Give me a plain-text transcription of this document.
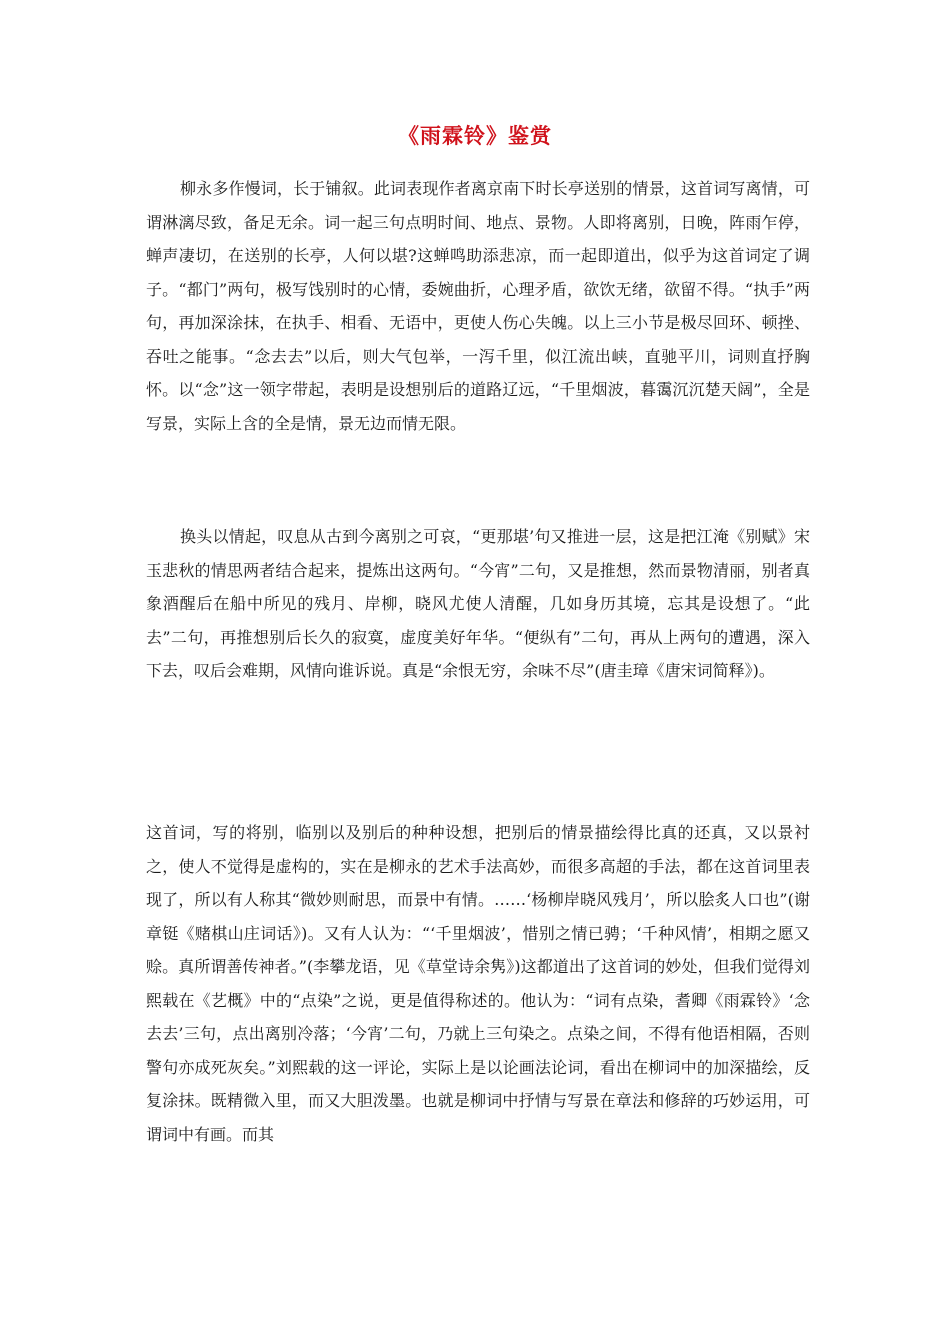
《雨霖铃》鉴赏

柳永多作慢词，长于铺叙。此词表现作者离京南下时长亭送别的情景，这首词写离情，可谓淋漓尽致，备足无余。词一起三句点明时间、地点、景物。人即将离别，日晚，阵雨乍停，蝉声凄切，在送别的长亭，人何以堪?这蝉鸣助添悲凉，而一起即道出，似乎为这首词定了调子。“都门”两句，极写饯别时的心情，委婉曲折，心理矛盾，欲饮无绪，欲留不得。“执手”两句，再加深涂抹，在执手、相看、无语中，更使人伤心失魄。以上三小节是极尽回环、顿挫、吞吐之能事。“念去去”以后，则大气包举，一泻千里，似江流出峡，直驰平川，词则直抒胸怀。以“念”这一领字带起，表明是设想别后的道路辽远，“千里烟波，暮霭沉沉楚天阔”，全是写景，实际上含的全是情，景无边而情无限。

换头以情起，叹息从古到今离别之可哀，“更那堪’句又推进一层，这是把江淹《别赋》宋玉悲秋的情思两者结合起来，提炼出这两句。“今宵”二句，又是推想，然而景物清丽，别者真象酒醒后在船中所见的残月、岸柳，晓风尤使人清醒，几如身历其境，忘其是设想了。“此去”二句，再推想别后长久的寂寞，虚度美好年华。“便纵有”二句，再从上两句的遭遇，深入下去，叹后会难期，风情向谁诉说。真是“余恨无穷，余味不尽”(唐圭璋《唐宋词简释》)。

这首词，写的将别，临别以及别后的种种设想，把别后的情景描绘得比真的还真，又以景衬之，使人不觉得是虚构的，实在是柳永的艺术手法高妙，而很多高超的手法，都在这首词里表现了，所以有人称其“微妙则耐思，而景中有情。……‘杨柳岸晓风残月’，所以脍炙人口也”(谢章铤《赌棋山庄词话》)。又有人认为：“‘千里烟波’，惜别之情已骋；‘千种风情’，相期之愿又赊。真所谓善传神者。”(李攀龙语，见《草堂诗余隽》)这都道出了这首词的妙处，但我们觉得刘熙载在《艺概》中的“点染”之说，更是值得称述的。他认为：“词有点染，耆卿《雨霖铃》‘念去去’三句，点出离别冷落；‘今宵’二句，乃就上三句染之。点染之间，不得有他语相隔，否则警句亦成死灰矣。”刘熙载的这一评论，实际上是以论画法论词，看出在柳词中的加深描绘，反复涂抹。既精微入里，而又大胆泼墨。也就是柳词中抒情与写景在章法和修辞的巧妙运用，可谓词中有画。而其
